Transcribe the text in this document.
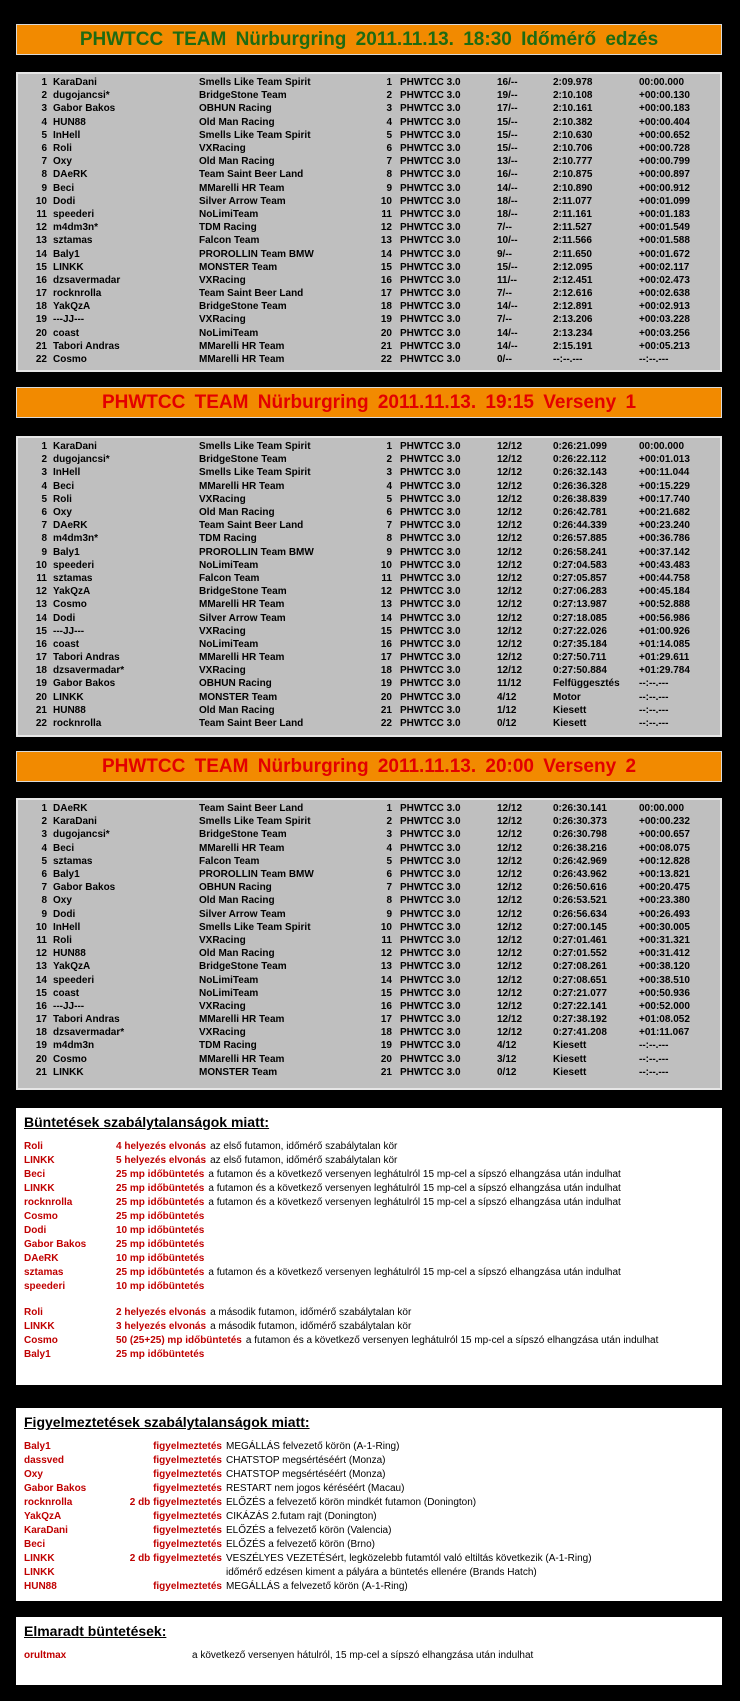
PHWTCC TEAM Nürburgring 2011.11.13. 18:30 Időmérő edzés
1	KaraDani	Smells Like Team Spirit	1	PHWTCC 3.0	16/--	2:09.978	00:00.000
2	dugojancsi*	BridgeStone Team	2	PHWTCC 3.0	19/--	2:10.108	+00:00.130
3	Gabor Bakos	OBHUN Racing	3	PHWTCC 3.0	17/--	2:10.161	+00:00.183
4	HUN88	Old Man Racing	4	PHWTCC 3.0	15/--	2:10.382	+00:00.404
5	InHell	Smells Like Team Spirit	5	PHWTCC 3.0	15/--	2:10.630	+00:00.652
6	Roli	VXRacing	6	PHWTCC 3.0	15/--	2:10.706	+00:00.728
7	Oxy	Old Man Racing	7	PHWTCC 3.0	13/--	2:10.777	+00:00.799
8	DAeRK	Team Saint Beer Land	8	PHWTCC 3.0	16/--	2:10.875	+00:00.897
9	Beci	MMarelli HR Team	9	PHWTCC 3.0	14/--	2:10.890	+00:00.912
10	Dodi	Silver Arrow Team	10	PHWTCC 3.0	18/--	2:11.077	+00:01.099
11	speederi	NoLimiTeam	11	PHWTCC 3.0	18/--	2:11.161	+00:01.183
12	m4dm3n*	TDM Racing	12	PHWTCC 3.0	7/--	2:11.527	+00:01.549
13	sztamas	Falcon Team	13	PHWTCC 3.0	10/--	2:11.566	+00:01.588
14	Baly1	PROROLLIN Team BMW	14	PHWTCC 3.0	9/--	2:11.650	+00:01.672
15	LINKK	MONSTER Team	15	PHWTCC 3.0	15/--	2:12.095	+00:02.117
16	dzsavermadar	VXRacing	16	PHWTCC 3.0	11/--	2:12.451	+00:02.473
17	rocknrolla	Team Saint Beer Land	17	PHWTCC 3.0	7/--	2:12.616	+00:02.638
18	YakQzA	BridgeStone Team	18	PHWTCC 3.0	14/--	2:12.891	+00:02.913
19	---JJ---	VXRacing	19	PHWTCC 3.0	7/--	2:13.206	+00:03.228
20	coast	NoLimiTeam	20	PHWTCC 3.0	14/--	2:13.234	+00:03.256
21	Tabori Andras	MMarelli HR Team	21	PHWTCC 3.0	14/--	2:15.191	+00:05.213
22	Cosmo	MMarelli HR Team	22	PHWTCC 3.0	0/--	--:--.---	--:--.---
PHWTCC TEAM Nürburgring 2011.11.13. 19:15 Verseny 1
1	KaraDani	Smells Like Team Spirit	1	PHWTCC 3.0	12/12	0:26:21.099	00:00.000
2	dugojancsi*	BridgeStone Team	2	PHWTCC 3.0	12/12	0:26:22.112	+00:01.013
3	InHell	Smells Like Team Spirit	3	PHWTCC 3.0	12/12	0:26:32.143	+00:11.044
4	Beci	MMarelli HR Team	4	PHWTCC 3.0	12/12	0:26:36.328	+00:15.229
5	Roli	VXRacing	5	PHWTCC 3.0	12/12	0:26:38.839	+00:17.740
6	Oxy	Old Man Racing	6	PHWTCC 3.0	12/12	0:26:42.781	+00:21.682
7	DAeRK	Team Saint Beer Land	7	PHWTCC 3.0	12/12	0:26:44.339	+00:23.240
8	m4dm3n*	TDM Racing	8	PHWTCC 3.0	12/12	0:26:57.885	+00:36.786
9	Baly1	PROROLLIN Team BMW	9	PHWTCC 3.0	12/12	0:26:58.241	+00:37.142
10	speederi	NoLimiTeam	10	PHWTCC 3.0	12/12	0:27:04.583	+00:43.483
11	sztamas	Falcon Team	11	PHWTCC 3.0	12/12	0:27:05.857	+00:44.758
12	YakQzA	BridgeStone Team	12	PHWTCC 3.0	12/12	0:27:06.283	+00:45.184
13	Cosmo	MMarelli HR Team	13	PHWTCC 3.0	12/12	0:27:13.987	+00:52.888
14	Dodi	Silver Arrow Team	14	PHWTCC 3.0	12/12	0:27:18.085	+00:56.986
15	---JJ---	VXRacing	15	PHWTCC 3.0	12/12	0:27:22.026	+01:00.926
16	coast	NoLimiTeam	16	PHWTCC 3.0	12/12	0:27:35.184	+01:14.085
17	Tabori Andras	MMarelli HR Team	17	PHWTCC 3.0	12/12	0:27:50.711	+01:29.611
18	dzsavermadar*	VXRacing	18	PHWTCC 3.0	12/12	0:27:50.884	+01:29.784
19	Gabor Bakos	OBHUN Racing	19	PHWTCC 3.0	11/12	Felfüggesztés	--:--.---
20	LINKK	MONSTER Team	20	PHWTCC 3.0	4/12	Motor	--:--.---
21	HUN88	Old Man Racing	21	PHWTCC 3.0	1/12	Kiesett	--:--.---
22	rocknrolla	Team Saint Beer Land	22	PHWTCC 3.0	0/12	Kiesett	--:--.---
PHWTCC TEAM Nürburgring 2011.11.13. 20:00 Verseny 2
1	DAeRK	Team Saint Beer Land	1	PHWTCC 3.0	12/12	0:26:30.141	00:00.000
2	KaraDani	Smells Like Team Spirit	2	PHWTCC 3.0	12/12	0:26:30.373	+00:00.232
3	dugojancsi*	BridgeStone Team	3	PHWTCC 3.0	12/12	0:26:30.798	+00:00.657
4	Beci	MMarelli HR Team	4	PHWTCC 3.0	12/12	0:26:38.216	+00:08.075
5	sztamas	Falcon Team	5	PHWTCC 3.0	12/12	0:26:42.969	+00:12.828
6	Baly1	PROROLLIN Team BMW	6	PHWTCC 3.0	12/12	0:26:43.962	+00:13.821
7	Gabor Bakos	OBHUN Racing	7	PHWTCC 3.0	12/12	0:26:50.616	+00:20.475
8	Oxy	Old Man Racing	8	PHWTCC 3.0	12/12	0:26:53.521	+00:23.380
9	Dodi	Silver Arrow Team	9	PHWTCC 3.0	12/12	0:26:56.634	+00:26.493
10	InHell	Smells Like Team Spirit	10	PHWTCC 3.0	12/12	0:27:00.145	+00:30.005
11	Roli	VXRacing	11	PHWTCC 3.0	12/12	0:27:01.461	+00:31.321
12	HUN88	Old Man Racing	12	PHWTCC 3.0	12/12	0:27:01.552	+00:31.412
13	YakQzA	BridgeStone Team	13	PHWTCC 3.0	12/12	0:27:08.261	+00:38.120
14	speederi	NoLimiTeam	14	PHWTCC 3.0	12/12	0:27:08.651	+00:38.510
15	coast	NoLimiTeam	15	PHWTCC 3.0	12/12	0:27:21.077	+00:50.936
16	---JJ---	VXRacing	16	PHWTCC 3.0	12/12	0:27:22.141	+00:52.000
17	Tabori Andras	MMarelli HR Team	17	PHWTCC 3.0	12/12	0:27:38.192	+01:08.052
18	dzsavermadar*	VXRacing	18	PHWTCC 3.0	12/12	0:27:41.208	+01:11.067
19	m4dm3n	TDM Racing	19	PHWTCC 3.0	4/12	Kiesett	--:--.---
20	Cosmo	MMarelli HR Team	20	PHWTCC 3.0	3/12	Kiesett	--:--.---
21	LINKK	MONSTER Team	21	PHWTCC 3.0	0/12	Kiesett	--:--.---
Büntetések szabálytalanságok miatt:
Roli	4 helyezés elvonás az első futamon, időmérő szabálytalan kör
LINKK	5 helyezés elvonás az első futamon, időmérő szabálytalan kör
Beci	25 mp időbüntetés a futamon és a következő versenyen leghátulról 15 mp-cel a sípszó elhangzása után indulhat
LINKK	25 mp időbüntetés a futamon és a következő versenyen leghátulról 15 mp-cel a sípszó elhangzása után indulhat
rocknrolla	25 mp időbüntetés a futamon és a következő versenyen leghátulról 15 mp-cel a sípszó elhangzása után indulhat
Cosmo	25 mp időbüntetés
Dodi	10 mp időbüntetés
Gabor Bakos	25 mp időbüntetés
DAeRK	10 mp időbüntetés
sztamas	25 mp időbüntetés a futamon és a következő versenyen leghátulról 15 mp-cel a sípszó elhangzása után indulhat
speederi	10 mp időbüntetés
Roli	2 helyezés elvonás a második futamon, időmérő szabálytalan kör
LINKK	3 helyezés elvonás a második futamon, időmérő szabálytalan kör
Cosmo	50 (25+25) mp időbüntetés a futamon és a következő versenyen leghátulról 15 mp-cel a sípszó elhangzása után indulhat
Baly1	25 mp időbüntetés
Figyelmeztetések szabálytalanságok miatt:
Baly1	figyelmeztetés MEGÁLLÁS felvezető körön (A-1-Ring)
dassved	figyelmeztetés CHATSTOP megsértéséért (Monza)
Oxy	figyelmeztetés CHATSTOP megsértéséért (Monza)
Gabor Bakos	figyelmeztetés RESTART nem jogos kéréséért (Macau)
rocknrolla	2 db figyelmeztetés ELŐZÉS a felvezető körön mindkét futamon (Donington)
YakQzA	figyelmeztetés CIKÁZÁS 2.futam rajt (Donington)
KaraDani	figyelmeztetés ELŐZÉS a felvezető körön (Valencia)
Beci	figyelmeztetés ELŐZÉS a felvezető körön (Brno)
LINKK	2 db figyelmeztetés VESZÉLYES VEZETÉSért, legközelebb futamtól való eltiltás következik (A-1-Ring)
LINKK	időmérő edzésen kiment a pályára a büntetés ellenére (Brands Hatch)
HUN88	figyelmeztetés MEGÁLLÁS a felvezető körön (A-1-Ring)
Elmaradt büntetések:
orultmax	a következő versenyen hátulról, 15 mp-cel a sípszó elhangzása után indulhat
